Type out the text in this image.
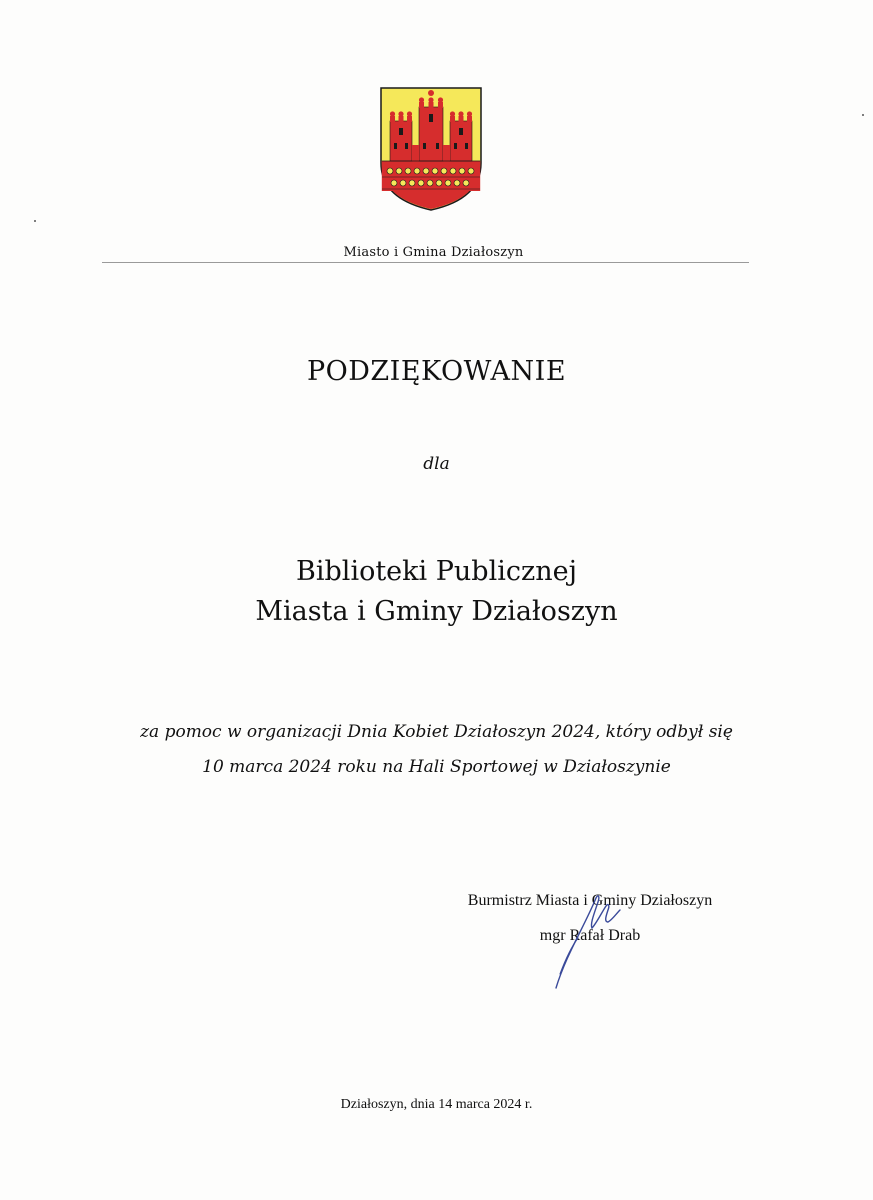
Miasto i Gmina Działoszyn
PODZIĘKOWANIE
dla
Biblioteki Publicznej
Miasta i Gminy Działoszyn
za pomoc w organizacji Dnia Kobiet Działoszyn 2024, który odbył się
10 marca 2024 roku na Hali Sportowej w Działoszynie
Burmistrz Miasta i Gminy Działoszyn
mgr Rafał Drab
Działoszyn, dnia 14 marca 2024 r.
